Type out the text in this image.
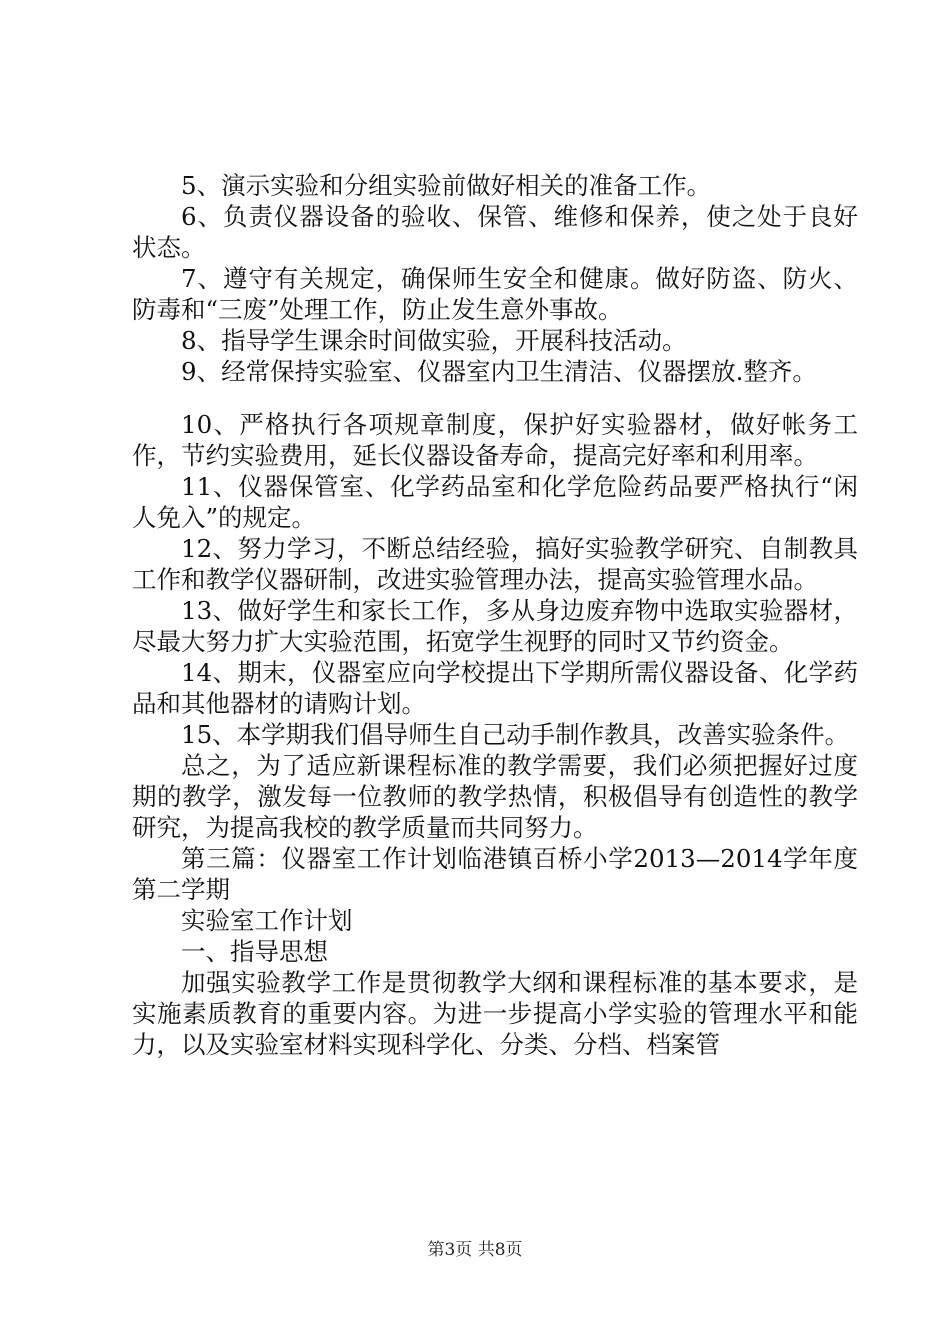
5、演示实验和分组实验前做好相关的准备工作。

6、负责仪器设备的验收、保管、维修和保养，使之处于良好状态。

7、遵守有关规定，确保师生安全和健康。做好防盗、防火、防毒和“三废”处理工作，防止发生意外事故。

8、指导学生课余时间做实验，开展科技活动。

9、经常保持实验室、仪器室内卫生清洁、仪器摆放.整齐。

10、严格执行各项规章制度，保护好实验器材，做好帐务工作，节约实验费用，延长仪器设备寿命，提高完好率和利用率。

11、仪器保管室、化学药品室和化学危险药品要严格执行“闲人免入”的规定。

12、努力学习，不断总结经验，搞好实验教学研究、自制教具工作和教学仪器研制，改进实验管理办法，提高实验管理水品。

13、做好学生和家长工作，多从身边废弃物中选取实验器材，尽最大努力扩大实验范围，拓宽学生视野的同时又节约资金。

14、期末，仪器室应向学校提出下学期所需仪器设备、化学药品和其他器材的请购计划。

15、本学期我们倡导师生自己动手制作教具，改善实验条件。

总之，为了适应新课程标准的教学需要，我们必须把握好过度期的教学，激发每一位教师的教学热情，积极倡导有创造性的教学研究，为提高我校的教学质量而共同努力。

第三篇：仪器室工作计划临港镇百桥小学2013—2014学年度第二学期

实验室工作计划

一、指导思想

加强实验教学工作是贯彻教学大纲和课程标准的基本要求，是实施素质教育的重要内容。为进一步提高小学实验的管理水平和能力，以及实验室材料实现科学化、分类、分档、档案管

第3页 共8页
